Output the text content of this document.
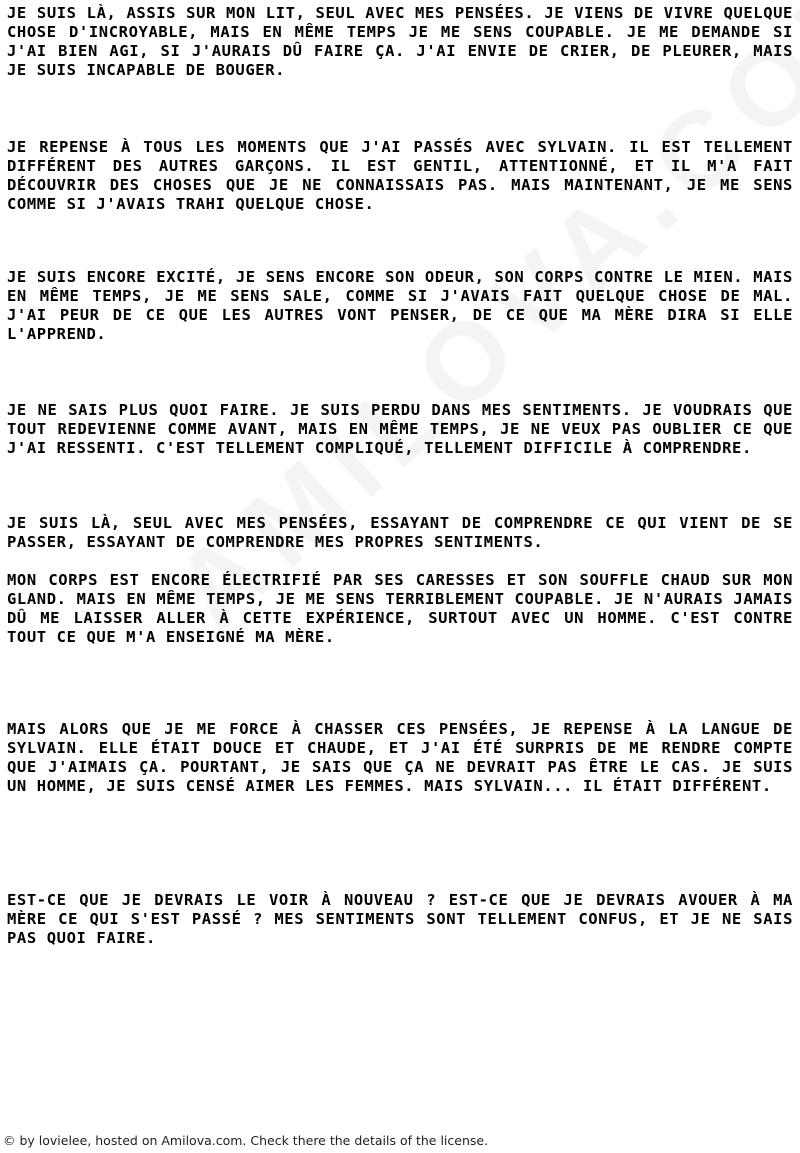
JE SUIS LÀ, ASSIS SUR MON LIT, SEUL AVEC MES PENSÉES. JE VIENS DE VIVRE QUELQUE CHOSE D'INCROYABLE, MAIS EN MÊME TEMPS JE ME SENS COUPABLE. JE ME DEMANDE SI J'AI BIEN AGI, SI J'AURAIS DÛ FAIRE ÇA. J'AI ENVIE DE CRIER, DE PLEURER, MAIS JE SUIS INCAPABLE DE BOUGER.

JE REPENSE À TOUS LES MOMENTS QUE J'AI PASSÉS AVEC SYLVAIN. IL EST TELLEMENT DIFFÉRENT DES AUTRES GARÇONS. IL EST GENTIL, ATTENTIONNÉ, ET IL M'A FAIT DÉCOUVRIR DES CHOSES QUE JE NE CONNAISSAIS PAS. MAIS MAINTENANT, JE ME SENS COMME SI J'AVAIS TRAHI QUELQUE CHOSE.

JE SUIS ENCORE EXCITÉ, JE SENS ENCORE SON ODEUR, SON CORPS CONTRE LE MIEN. MAIS EN MÊME TEMPS, JE ME SENS SALE, COMME SI J'AVAIS FAIT QUELQUE CHOSE DE MAL. J'AI PEUR DE CE QUE LES AUTRES VONT PENSER, DE CE QUE MA MÈRE DIRA SI ELLE L'APPREND.

JE NE SAIS PLUS QUOI FAIRE. JE SUIS PERDU DANS MES SENTIMENTS. JE VOUDRAIS QUE TOUT REDEVIENNE COMME AVANT, MAIS EN MÊME TEMPS, JE NE VEUX PAS OUBLIER CE QUE J'AI RESSENTI. C'EST TELLEMENT COMPLIQUÉ, TELLEMENT DIFFICILE À COMPRENDRE.

JE SUIS LÀ, SEUL AVEC MES PENSÉES, ESSAYANT DE COMPRENDRE CE QUI VIENT DE SE PASSER, ESSAYANT DE COMPRENDRE MES PROPRES SENTIMENTS.

MON CORPS EST ENCORE ÉLECTRIFIÉ PAR SES CARESSES ET SON SOUFFLE CHAUD SUR MON GLAND. MAIS EN MÊME TEMPS, JE ME SENS TERRIBLEMENT COUPABLE. JE N'AURAIS JAMAIS DÛ ME LAISSER ALLER À CETTE EXPÉRIENCE, SURTOUT AVEC UN HOMME. C'EST CONTRE TOUT CE QUE M'A ENSEIGNÉ MA MÈRE.

MAIS ALORS QUE JE ME FORCE À CHASSER CES PENSÉES, JE REPENSE À LA LANGUE DE SYLVAIN. ELLE ÉTAIT DOUCE ET CHAUDE, ET J'AI ÉTÉ SURPRIS DE ME RENDRE COMPTE QUE J'AIMAIS ÇA. POURTANT, JE SAIS QUE ÇA NE DEVRAIT PAS ÊTRE LE CAS. JE SUIS UN HOMME, JE SUIS CENSÉ AIMER LES FEMMES. MAIS SYLVAIN... IL ÉTAIT DIFFÉRENT.

EST-CE QUE JE DEVRAIS LE VOIR À NOUVEAU ? EST-CE QUE JE DEVRAIS AVOUER À MA MÈRE CE QUI S'EST PASSÉ ? MES SENTIMENTS SONT TELLEMENT CONFUS, ET JE NE SAIS PAS QUOI FAIRE.

© by lovielee, hosted on Amilova.com. Check there the details of the license.
